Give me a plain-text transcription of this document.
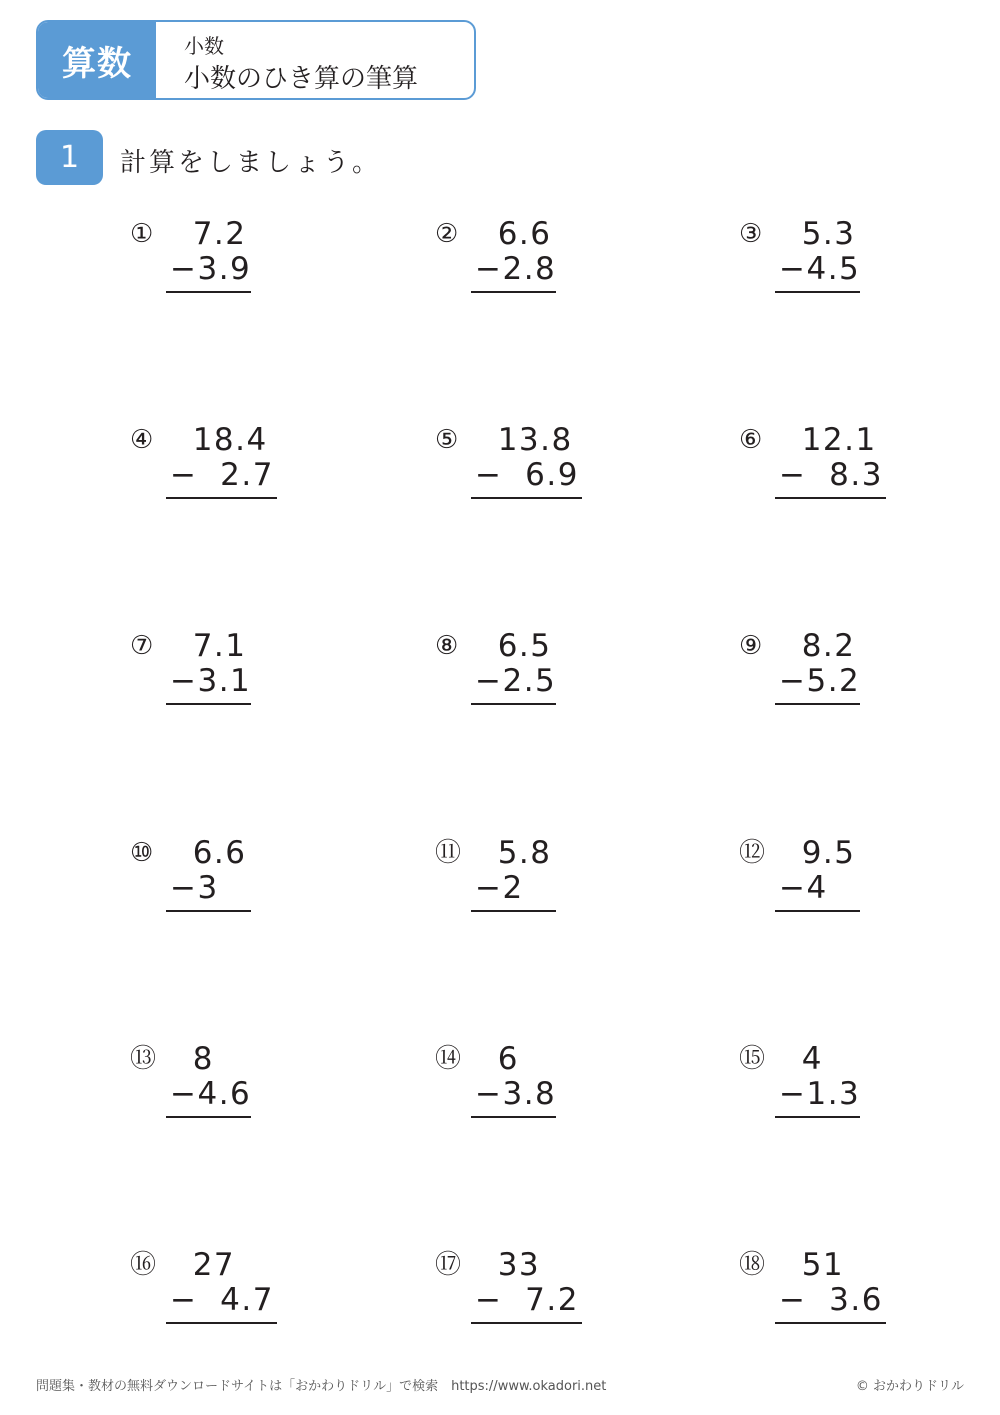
算数	小数
小数のひき算の筆算
1	計算をしましょう。
① 7.2
−3.9
② 6.6
−2.8
③ 5.3
−4.5
④ 18.4
−  2.7
⑤ 13.8
−  6.9
⑥ 12.1
−  8.3
⑦ 7.1
−3.1
⑧ 6.5
−2.5
⑨ 8.2
−5.2
⑩ 6.6
−3
⑪ 5.8
−2
⑫ 9.5
−4
⑬ 8
−4.6
⑭ 6
−3.8
⑮ 4
−1.3
⑯ 27
−  4.7
⑰ 33
−  7.2
⑱ 51
−  3.6
問題集・教材の無料ダウンロードサイトは「おかわりドリル」で検索　https://www.okadori.net	© おかわりドリル
